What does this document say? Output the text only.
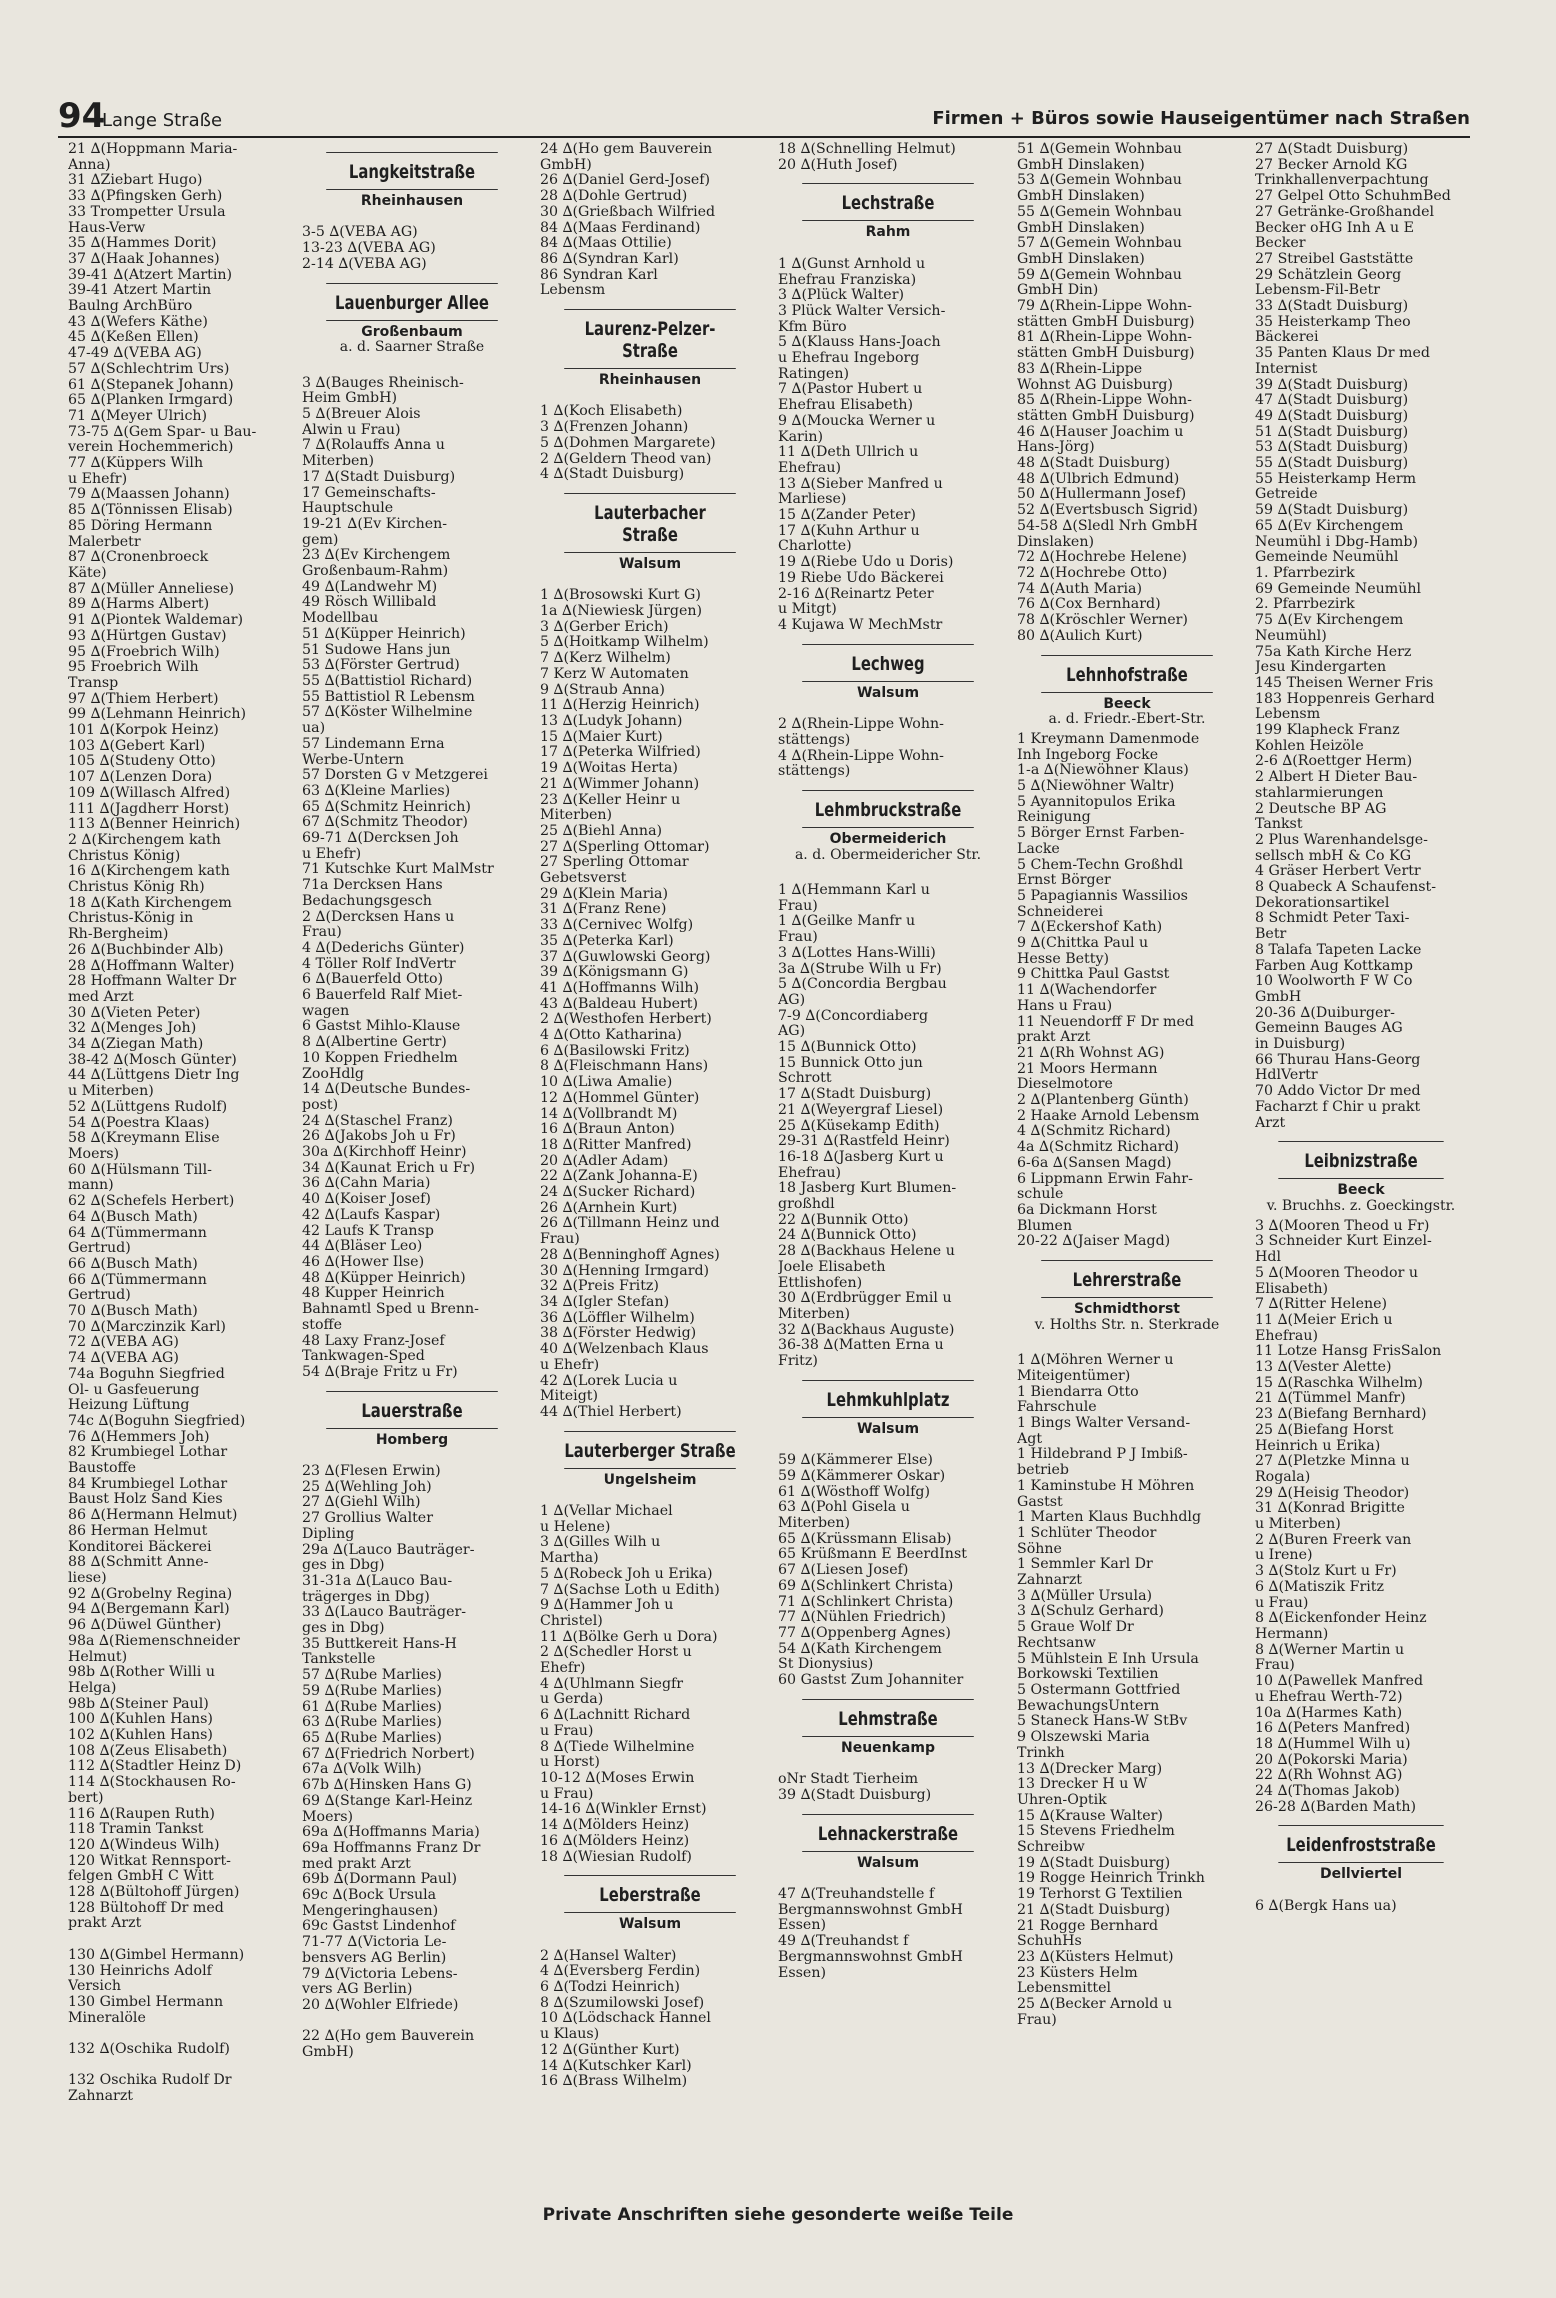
94
Lange Straße	Firmen + Büros sowie Hauseigentümer nach Straßen
21 ∆(Hoppmann Maria-
Anna)
31 ∆Ziebart Hugo)
33 ∆(Pfingsken Gerh)
33 Trompetter Ursula
Haus-Verw
35 ∆(Hammes Dorit)
37 ∆(Haak Johannes)
39-41 ∆(Atzert Martin)
39-41 Atzert Martin
Baulng ArchBüro
43 ∆(Wefers Käthe)
45 ∆(Keßen Ellen)
47-49 ∆(VEBA AG)
57 ∆(Schlechtrim Urs)
61 ∆(Stepanek Johann)
65 ∆(Planken Irmgard)
71 ∆(Meyer Ulrich)
73-75 ∆(Gem Spar- u Bau-
verein Hochemmerich)
77 ∆(Küppers Wilh
u Ehefr)
79 ∆(Maassen Johann)
85 ∆(Tönnissen Elisab)
85 Döring Hermann
Malerbetr
87 ∆(Cronenbroeck
Käte)
87 ∆(Müller Anneliese)
89 ∆(Harms Albert)
91 ∆(Piontek Waldemar)
93 ∆(Hürtgen Gustav)
95 ∆(Froebrich Wilh)
95 Froebrich Wilh
Transp
97 ∆(Thiem Herbert)
99 ∆(Lehmann Heinrich)
101 ∆(Korpok Heinz)
103 ∆(Gebert Karl)
105 ∆(Studeny Otto)
107 ∆(Lenzen Dora)
109 ∆(Willasch Alfred)
111 ∆(Jagdherr Horst)
113 ∆(Benner Heinrich)
2 ∆(Kirchengem kath
Christus König)
16 ∆(Kirchengem kath
Christus König Rh)
18 ∆(Kath Kirchengem
Christus-König in
Rh-Bergheim)
26 ∆(Buchbinder Alb)
28 ∆(Hoffmann Walter)
28 Hoffmann Walter Dr
med Arzt
30 ∆(Vieten Peter)
32 ∆(Menges Joh)
34 ∆(Ziegan Math)
38-42 ∆(Mosch Günter)
44 ∆(Lüttgens Dietr Ing
u Miterben)
52 ∆(Lüttgens Rudolf)
54 ∆(Poestra Klaas)
58 ∆(Kreymann Elise
Moers)
60 ∆(Hülsmann Till-
mann)
62 ∆(Schefels Herbert)
64 ∆(Busch Math)
64 ∆(Tümmermann
Gertrud)
66 ∆(Busch Math)
66 ∆(Tümmermann
Gertrud)
70 ∆(Busch Math)
70 ∆(Marczinzik Karl)
72 ∆(VEBA AG)
74 ∆(VEBA AG)
74a Boguhn Siegfried
Öl- u Gasfeuerung
Heizung Lüftung
74c ∆(Boguhn Siegfried)
76 ∆(Hemmers Joh)
82 Krumbiegel Lothar
Baustoffe
84 Krumbiegel Lothar
Baust Holz Sand Kies
86 ∆(Hermann Helmut)
86 Herman Helmut
Konditorei Bäckerei
88 ∆(Schmitt Anne-
liese)
92 ∆(Grobelny Regina)
94 ∆(Bergemann Karl)
96 ∆(Düwel Günther)
98a ∆(Riemenschneider
Helmut)
98b ∆(Rother Willi u
Helga)
98b ∆(Steiner Paul)
100 ∆(Kuhlen Hans)
102 ∆(Kuhlen Hans)
108 ∆(Zeus Elisabeth)
112 ∆(Stadtler Heinz D)
114 ∆(Stockhausen Ro-
bert)
116 ∆(Raupen Ruth)
118 Tramin Tankst
120 ∆(Windeus Wilh)
120 Witkat Rennsport-
felgen GmbH C Witt
128 ∆(Bültohoff Jürgen)
128 Bültohoff Dr med
prakt Arzt

130 ∆(Gimbel Hermann)
130 Heinrichs Adolf
Versich
130 Gimbel Hermann
Mineralöle

132 ∆(Oschika Rudolf)

132 Oschika Rudolf Dr
Zahnarzt
Langkeitstraße
Rheinhausen

3-5 ∆(VEBA AG)
13-23 ∆(VEBA AG)
2-14 ∆(VEBA AG)
Lauenburger Allee
Großenbaum
a. d. Saarner Straße

3 ∆(Bauges Rheinisch-
Heim GmbH)
5 ∆(Breuer Alois
Alwin u Frau)
7 ∆(Rolauffs Anna u
Miterben)
17 ∆(Stadt Duisburg)
17 Gemeinschafts-
Hauptschule
19-21 ∆(Ev Kirchen-
gem)
23 ∆(Ev Kirchengem
Großenbaum-Rahm)
49 ∆(Landwehr M)
49 Rösch Willibald
Modellbau
51 ∆(Küpper Heinrich)
51 Sudowe Hans jun
53 ∆(Förster Gertrud)
55 ∆(Battistiol Richard)
55 Battistiol R Lebensm
57 ∆(Köster Wilhelmine
ua)
57 Lindemann Erna
Werbe-Untern
57 Dorsten G v Metzgerei
63 ∆(Kleine Marlies)
65 ∆(Schmitz Heinrich)
67 ∆(Schmitz Theodor)
69-71 ∆(Dercksen Joh
u Ehefr)
71 Kutschke Kurt MalMstr
71a Dercksen Hans
Bedachungsgesch
2 ∆(Dercksen Hans u
Frau)
4 ∆(Dederichs Günter)
4 Töller Rolf IndVertr
6 ∆(Bauerfeld Otto)
6 Bauerfeld Ralf Miet-
wagen
6 Gastst Mihlo-Klause
8 ∆(Albertine Gertr)
10 Koppen Friedhelm
ZooHdlg
14 ∆(Deutsche Bundes-
post)
24 ∆(Staschel Franz)
26 ∆(Jakobs Joh u Fr)
30a ∆(Kirchhoff Heinr)
34 ∆(Kaunat Erich u Fr)
36 ∆(Cahn Maria)
40 ∆(Koiser Josef)
42 ∆(Laufs Kaspar)
42 Laufs K Transp
44 ∆(Bläser Leo)
46 ∆(Hower Ilse)
48 ∆(Küpper Heinrich)
48 Kupper Heinrich
Bahnamtl Sped u Brenn-
stoffe
48 Laxy Franz-Josef
Tankwagen-Sped
54 ∆(Braje Fritz u Fr)
Lauerstraße
Homberg

23 ∆(Flesen Erwin)
25 ∆(Wehling Joh)
27 ∆(Giehl Wilh)
27 Grollius Walter
Dipling
29a ∆(Lauco Bauträger-
ges in Dbg)
31-31a ∆(Lauco Bau-
trägerges in Dbg)
33 ∆(Lauco Bauträger-
ges in Dbg)
35 Buttkereit Hans-H
Tankstelle
57 ∆(Rube Marlies)
59 ∆(Rube Marlies)
61 ∆(Rube Marlies)
63 ∆(Rube Marlies)
65 ∆(Rube Marlies)
67 ∆(Friedrich Norbert)
67a ∆(Volk Wilh)
67b ∆(Hinsken Hans G)
69 ∆(Stange Karl-Heinz
Moers)
69a ∆(Hoffmanns Maria)
69a Hoffmanns Franz Dr
med prakt Arzt
69b ∆(Dormann Paul)
69c ∆(Bock Ursula
Mengeringhausen)
69c Gastst Lindenhof
71-77 ∆(Victoria Le-
bensvers AG Berlin)
79 ∆(Victoria Lebens-
vers AG Berlin)
20 ∆(Wohler Elfriede)

22 ∆(Ho gem Bauverein
GmbH)
24 ∆(Ho gem Bauverein
GmbH)
26 ∆(Daniel Gerd-Josef)
28 ∆(Dohle Gertrud)
30 ∆(Grießbach Wilfried
84 ∆(Maas Ferdinand)
84 ∆(Maas Ottilie)
86 ∆(Syndran Karl)
86 Syndran Karl
Lebensm
Laurenz-Pelzer-Straße
Rheinhausen

1 ∆(Koch Elisabeth)
3 ∆(Frenzen Johann)
5 ∆(Dohmen Margarete)
2 ∆(Geldern Theod van)
4 ∆(Stadt Duisburg)
Lauterbacher Straße
Walsum

1 ∆(Brosowski Kurt G)
1a ∆(Niewiesk Jürgen)
3 ∆(Gerber Erich)
5 ∆(Hoitkamp Wilhelm)
7 ∆(Kerz Wilhelm)
7 Kerz W Automaten
9 ∆(Straub Anna)
11 ∆(Herzig Heinrich)
13 ∆(Ludyk Johann)
15 ∆(Maier Kurt)
17 ∆(Peterka Wilfried)
19 ∆(Woitas Herta)
21 ∆(Wimmer Johann)
23 ∆(Keller Heinr u
Miterben)
25 ∆(Biehl Anna)
27 ∆(Sperling Ottomar)
27 Sperling Ottomar
Gebetsverst
29 ∆(Klein Maria)
31 ∆(Franz Rene)
33 ∆(Cernivec Wolfg)
35 ∆(Peterka Karl)
37 ∆(Guwlowski Georg)
39 ∆(Königsmann G)
41 ∆(Hoffmanns Wilh)
43 ∆(Baldeau Hubert)
2 ∆(Westhofen Herbert)
4 ∆(Otto Katharina)
6 ∆(Basilowski Fritz)
8 ∆(Fleischmann Hans)
10 ∆(Liwa Amalie)
12 ∆(Hommel Günter)
14 ∆(Vollbrandt M)
16 ∆(Braun Anton)
18 ∆(Ritter Manfred)
20 ∆(Adler Adam)
22 ∆(Zank Johanna-E)
24 ∆(Sucker Richard)
26 ∆(Arnhein Kurt)
26 ∆(Tillmann Heinz und
Frau)
28 ∆(Benninghoff Agnes)
30 ∆(Henning Irmgard)
32 ∆(Preis Fritz)
34 ∆(Igler Stefan)
36 ∆(Löffler Wilhelm)
38 ∆(Förster Hedwig)
40 ∆(Welzenbach Klaus
u Ehefr)
42 ∆(Lorek Lucia u
Miteigt)
44 ∆(Thiel Herbert)
Lauterberger Straße
Ungelsheim

1 ∆(Vellar Michael
u Helene)
3 ∆(Gilles Wilh u
Martha)
5 ∆(Robeck Joh u Erika)
7 ∆(Sachse Loth u Edith)
9 ∆(Hammer Joh u
Christel)
11 ∆(Bölke Gerh u Dora)
2 ∆(Schedler Horst u
Ehefr)
4 ∆(Uhlmann Siegfr
u Gerda)
6 ∆(Lachnitt Richard
u Frau)
8 ∆(Tiede Wilhelmine
u Horst)
10-12 ∆(Moses Erwin
u Frau)
14-16 ∆(Winkler Ernst)
14 ∆(Mölders Heinz)
16 ∆(Mölders Heinz)
18 ∆(Wiesian Rudolf)
Leberstraße
Walsum

2 ∆(Hansel Walter)
4 ∆(Eversberg Ferdin)
6 ∆(Todzi Heinrich)
8 ∆(Szumilowski Josef)
10 ∆(Lödschack Hannel
u Klaus)
12 ∆(Günther Kurt)
14 ∆(Kutschker Karl)
16 ∆(Brass Wilhelm)
18 ∆(Schnelling Helmut)
20 ∆(Huth Josef)
Lechstraße
Rahm

1 ∆(Gunst Arnhold u
Ehefrau Franziska)
3 ∆(Plück Walter)
3 Plück Walter Versich-
Kfm Büro
5 ∆(Klauss Hans-Joach
u Ehefrau Ingeborg
Ratingen)
7 ∆(Pastor Hubert u
Ehefrau Elisabeth)
9 ∆(Moucka Werner u
Karin)
11 ∆(Deth Ullrich u
Ehefrau)
13 ∆(Sieber Manfred u
Marliese)
15 ∆(Zander Peter)
17 ∆(Kuhn Arthur u
Charlotte)
19 ∆(Riebe Udo u Doris)
19 Riebe Udo Bäckerei
2-16 ∆(Reinartz Peter
u Mitgt)
4 Kujawa W MechMstr
Lechweg
Walsum

2 ∆(Rhein-Lippe Wohn-
stättengs)
4 ∆(Rhein-Lippe Wohn-
stättengs)
Lehmbruckstraße
Obermeiderich
a. d. Obermeidericher Str.

1 ∆(Hemmann Karl u
Frau)
1 ∆(Geilke Manfr u
Frau)
3 ∆(Lottes Hans-Willi)
3a ∆(Strube Wilh u Fr)
5 ∆(Concordia Bergbau
AG)
7-9 ∆(Concordiaberg
AG)
15 ∆(Bunnick Otto)
15 Bunnick Otto jun
Schrott
17 ∆(Stadt Duisburg)
21 ∆(Weyergraf Liesel)
25 ∆(Küsekamp Edith)
29-31 ∆(Rastfeld Heinr)
16-18 ∆(Jasberg Kurt u
Ehefrau)
18 Jasberg Kurt Blumen-
großhdl
22 ∆(Bunnik Otto)
24 ∆(Bunnick Otto)
28 ∆(Backhaus Helene u
Joele Elisabeth
Ettlishofen)
30 ∆(Erdbrügger Emil u
Miterben)
32 ∆(Backhaus Auguste)
36-38 ∆(Matten Erna u
Fritz)
Lehmkuhlplatz
Walsum

59 ∆(Kämmerer Else)
59 ∆(Kämmerer Oskar)
61 ∆(Wösthoff Wolfg)
63 ∆(Pohl Gisela u
Miterben)
65 ∆(Krüssmann Elisab)
65 Krüßmann E BeerdInst
67 ∆(Liesen Josef)
69 ∆(Schlinkert Christa)
71 ∆(Schlinkert Christa)
77 ∆(Nühlen Friedrich)
77 ∆(Oppenberg Agnes)
54 ∆(Kath Kirchengem
St Dionysius)
60 Gastst Zum Johanniter
Lehmstraße
Neuenkamp

oNr Stadt Tierheim
39 ∆(Stadt Duisburg)
Lehnackerstraße
Walsum

47 ∆(Treuhandstelle f
Bergmannswohnst GmbH
Essen)
49 ∆(Treuhandst f
Bergmannswohnst GmbH
Essen)
51 ∆(Gemein Wohnbau
GmbH Dinslaken)
53 ∆(Gemein Wohnbau
GmbH Dinslaken)
55 ∆(Gemein Wohnbau
GmbH Dinslaken)
57 ∆(Gemein Wohnbau
GmbH Dinslaken)
59 ∆(Gemein Wohnbau
GmbH Din)
79 ∆(Rhein-Lippe Wohn-
stätten GmbH Duisburg)
81 ∆(Rhein-Lippe Wohn-
stätten GmbH Duisburg)
83 ∆(Rhein-Lippe
Wohnst AG Duisburg)
85 ∆(Rhein-Lippe Wohn-
stätten GmbH Duisburg)
46 ∆(Hauser Joachim u
Hans-Jörg)
48 ∆(Stadt Duisburg)
48 ∆(Ulbrich Edmund)
50 ∆(Hullermann Josef)
52 ∆(Evertsbusch Sigrid)
54-58 ∆(Sledl Nrh GmbH
Dinslaken)
72 ∆(Hochrebe Helene)
72 ∆(Hochrebe Otto)
74 ∆(Auth Maria)
76 ∆(Cox Bernhard)
78 ∆(Kröschler Werner)
80 ∆(Aulich Kurt)
Lehnhofstraße
Beeck
a. d. Friedr.-Ebert-Str.
1 Kreymann Damenmode
Inh Ingeborg Focke
1-a ∆(Niewöhner Klaus)
5 ∆(Niewöhner Waltr)
5 Ayannitopulos Erika
Reinigung
5 Börger Ernst Farben-
Lacke
5 Chem-Techn Großhdl
Ernst Börger
5 Papagiannis Wassilios
Schneiderei
7 ∆(Eckershof Kath)
9 ∆(Chittka Paul u
Hesse Betty)
9 Chittka Paul Gastst
11 ∆(Wachendorfer
Hans u Frau)
11 Neuendorff F Dr med
prakt Arzt
21 ∆(Rh Wohnst AG)
21 Moors Hermann
Dieselmotore
2 ∆(Plantenberg Günth)
2 Haake Arnold Lebensm
4 ∆(Schmitz Richard)
4a ∆(Schmitz Richard)
6-6a ∆(Sansen Magd)
6 Lippmann Erwin Fahr-
schule
6a Dickmann Horst
Blumen
20-22 ∆(Jaiser Magd)
Lehrerstraße
Schmidthorst
v. Holths Str. n. Sterkrade

1 ∆(Möhren Werner u
Miteigentümer)
1 Biendarra Otto
Fahrschule
1 Bings Walter Versand-
Agt
1 Hildebrand P J Imbiß-
betrieb
1 Kaminstube H Möhren
Gastst
1 Marten Klaus Buchhdlg
1 Schlüter Theodor
Söhne
1 Semmler Karl Dr
Zahnarzt
3 ∆(Müller Ursula)
3 ∆(Schulz Gerhard)
5 Graue Wolf Dr
Rechtsanw
5 Mühlstein E Inh Ursula
Borkowski Textilien
5 Ostermann Gottfried
BewachungsUntern
5 Staneck Hans-W StBv
9 Olszewski Maria
Trinkh
13 ∆(Drecker Marg)
13 Drecker H u W
Uhren-Optik
15 ∆(Krause Walter)
15 Stevens Friedhelm
Schreibw
19 ∆(Stadt Duisburg)
19 Rogge Heinrich Trinkh
19 Terhorst G Textilien
21 ∆(Stadt Duisburg)
21 Rogge Bernhard
SchuhHs
23 ∆(Küsters Helmut)
23 Küsters Helm
Lebensmittel
25 ∆(Becker Arnold u
Frau)
27 ∆(Stadt Duisburg)
27 Becker Arnold KG
Trinkhallenverpachtung
27 Gelpel Otto SchuhmBed
27 Getränke-Großhandel
Becker oHG Inh A u E
Becker
27 Streibel Gaststätte
29 Schätzlein Georg
Lebensm-Fil-Betr
33 ∆(Stadt Duisburg)
35 Heisterkamp Theo
Bäckerei
35 Panten Klaus Dr med
Internist
39 ∆(Stadt Duisburg)
47 ∆(Stadt Duisburg)
49 ∆(Stadt Duisburg)
51 ∆(Stadt Duisburg)
53 ∆(Stadt Duisburg)
55 ∆(Stadt Duisburg)
55 Heisterkamp Herm
Getreide
59 ∆(Stadt Duisburg)
65 ∆(Ev Kirchengem
Neumühl i Dbg-Hamb)
Gemeinde Neumühl
1. Pfarrbezirk
69 Gemeinde Neumühl
2. Pfarrbezirk
75 ∆(Ev Kirchengem
Neumühl)
75a Kath Kirche Herz
Jesu Kindergarten
145 Theisen Werner Fris
183 Hoppenreis Gerhard
Lebensm
199 Klapheck Franz
Kohlen Heizöle
2-6 ∆(Roettger Herm)
2 Albert H Dieter Bau-
stahlarmierungen
2 Deutsche BP AG
Tankst
2 Plus Warenhandelsge-
sellsch mbH & Co KG
4 Gräser Herbert Vertr
8 Quabeck A Schaufenst-
Dekorationsartikel
8 Schmidt Peter Taxi-
Betr
8 Talafa Tapeten Lacke
Farben Aug Kottkamp
10 Woolworth F W Co
GmbH
20-36 ∆(Duiburger-
Gemeinn Bauges AG
in Duisburg)
66 Thurau Hans-Georg
HdlVertr
70 Addo Victor Dr med
Facharzt f Chir u prakt
Arzt
Leibnizstraße
Beeck
v. Bruchhs. z. Goeckingstr.
3 ∆(Mooren Theod u Fr)
3 Schneider Kurt Einzel-
Hdl
5 ∆(Mooren Theodor u
Elisabeth)
7 ∆(Ritter Helene)
11 ∆(Meier Erich u
Ehefrau)
11 Lotze Hansg FrisSalon
13 ∆(Vester Alette)
15 ∆(Raschka Wilhelm)
21 ∆(Tümmel Manfr)
23 ∆(Biefang Bernhard)
25 ∆(Biefang Horst
Heinrich u Erika)
27 ∆(Pletzke Minna u
Rogala)
29 ∆(Heisig Theodor)
31 ∆(Konrad Brigitte
u Miterben)
2 ∆(Buren Freerk van
u Irene)
3 ∆(Stolz Kurt u Fr)
6 ∆(Matiszik Fritz
u Frau)
8 ∆(Eickenfonder Heinz
Hermann)
8 ∆(Werner Martin u
Frau)
10 ∆(Pawellek Manfred
u Ehefrau Werth-72)
10a ∆(Harmes Kath)
16 ∆(Peters Manfred)
18 ∆(Hummel Wilh u)
20 ∆(Pokorski Maria)
22 ∆(Rh Wohnst AG)
24 ∆(Thomas Jakob)
26-28 ∆(Barden Math)
Leidenfroststraße
Dellviertel

6 ∆(Bergk Hans ua)
Private Anschriften siehe gesonderte weiße Teile
